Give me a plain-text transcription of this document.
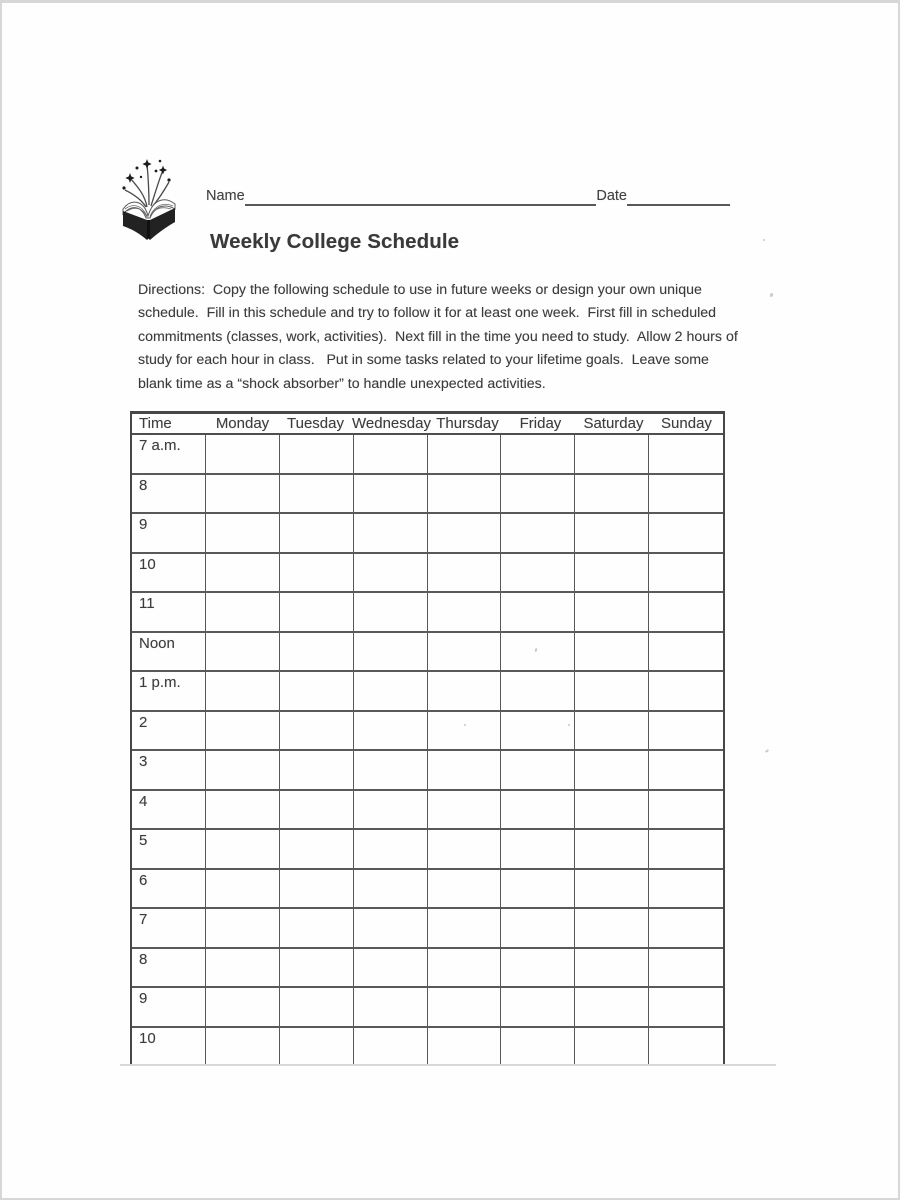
Name	Date
Weekly College Schedule
Directions:  Copy the following schedule to use in future weeks or design your own unique
schedule.  Fill in this schedule and try to follow it for at least one week.  First fill in scheduled
commitments (classes, work, activities).  Next fill in the time you need to study.  Allow 2 hours of
study for each hour in class.   Put in some tasks related to your lifetime goals.  Leave some
blank time as a “shock absorber” to handle unexpected activities.
Time	Monday	Tuesday Wednesday Thursday	Friday	Saturday	Sunday
7 a.m.
8
9
10
11
Noon
1 p.m.
2
3
4
5
6
7
8
9
10
